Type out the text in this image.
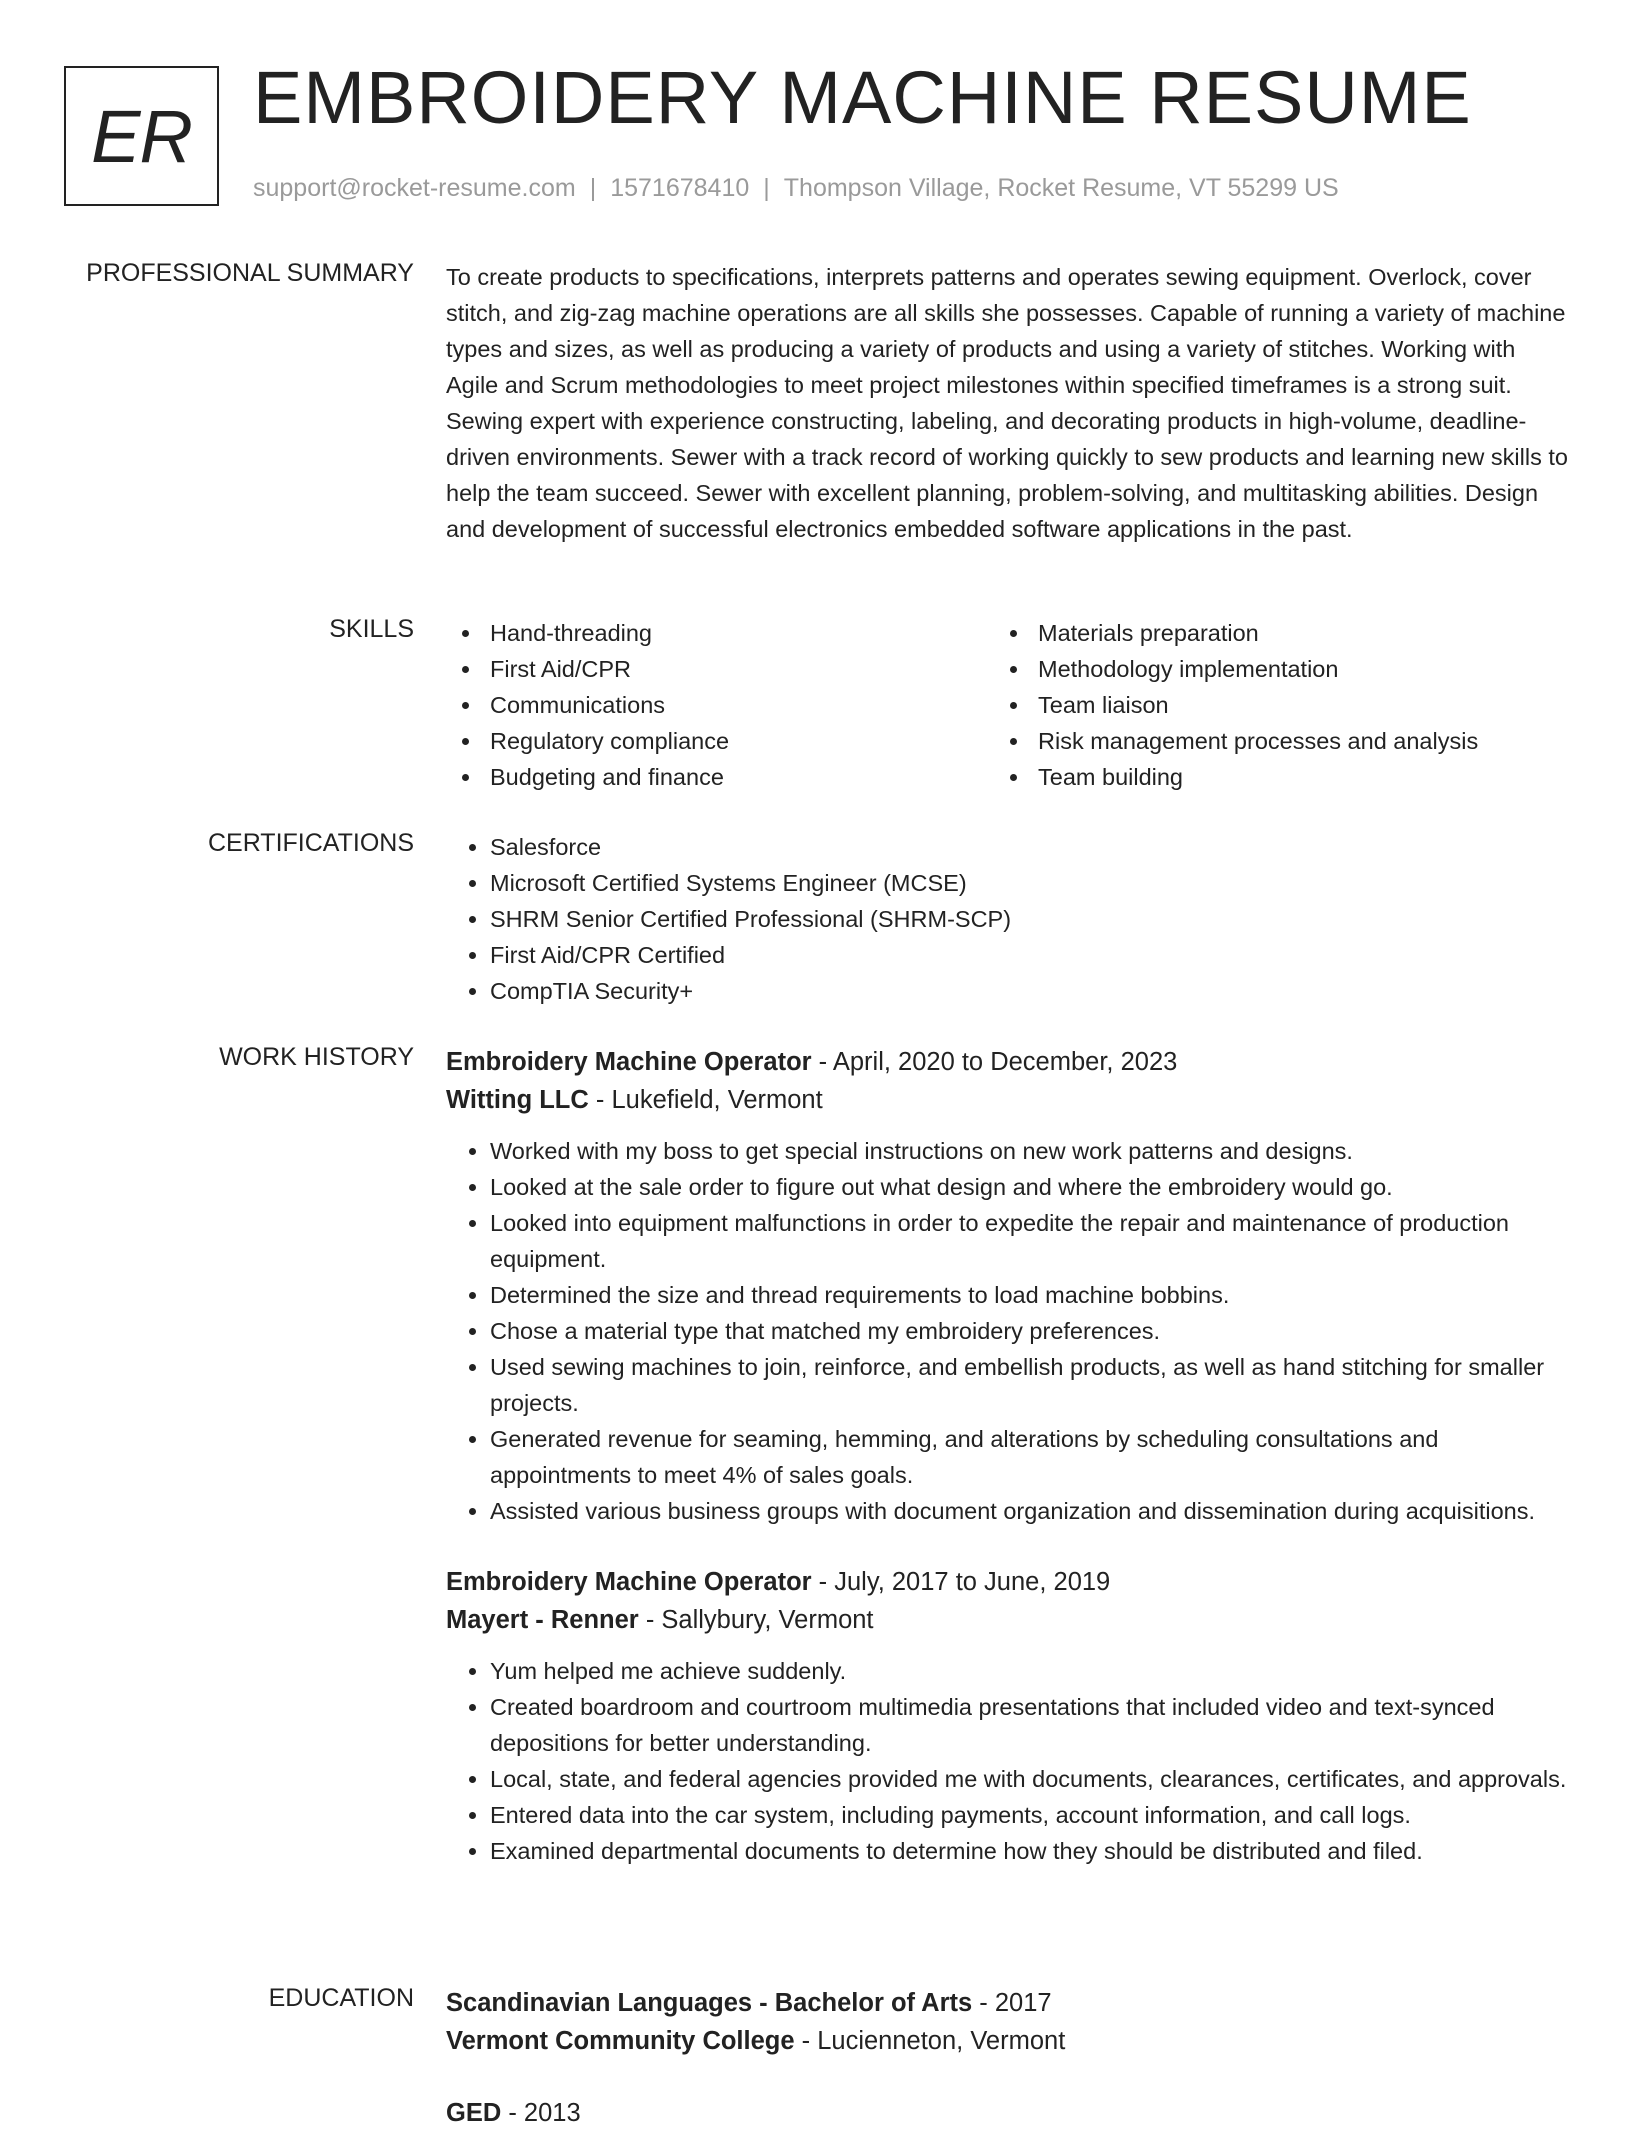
ER EMBROIDERY MACHINE RESUME
support@rocket-resume.com | 1571678410 | Thompson Village, Rocket Resume, VT 55299 US
PROFESSIONAL SUMMARY To create products to specifications, interprets patterns and operates sewing equipment. Overlock, cover stitch, and zig-zag machine operations are all skills she possesses. Capable of running a variety of machine types and sizes, as well as producing a variety of products and using a variety of stitches. Working with Agile and Scrum methodologies to meet project milestones within specified timeframes is a strong suit. Sewing expert with experience constructing, labeling, and decorating products in high-volume, deadline-driven environments. Sewer with a track record of working quickly to sew products and learning new skills to help the team succeed. Sewer with excellent planning, problem-solving, and multitasking abilities. Design and development of successful electronics embedded software applications in the past.
SKILLS	Hand-threading	Materials preparation
First Aid/CPR	Methodology implementation
Communications	Team liaison
Regulatory compliance	Risk management processes and analysis
Budgeting and finance	Team building
CERTIFICATIONS
•	Salesforce
• Microsoft Certified Systems Engineer (MCSE)
• SHRM Senior Certified Professional (SHRM-SCP)
• First Aid/CPR Certified
• CompTIA Security+
WORK HISTORY Embroidery Machine Operator - April, 2020 to December, 2023
Witting LLC - Lukefield, Vermont
• Worked with my boss to get special instructions on new work patterns and designs.
• Looked at the sale order to figure out what design and where the embroidery would go.
• Looked into equipment malfunctions in order to expedite the repair and maintenance of production equipment.
• Determined the size and thread requirements to load machine bobbins.
• Chose a material type that matched my embroidery preferences.
• Used sewing machines to join, reinforce, and embellish products, as well as hand stitching for smaller projects.
• Generated revenue for seaming, hemming, and alterations by scheduling consultations and appointments to meet 4% of sales goals.
• Assisted various business groups with document organization and dissemination during acquisitions.
Embroidery Machine Operator - July, 2017 to June, 2019
Mayert - Renner - Sallybury, Vermont
• Yum helped me achieve suddenly.
• Created boardroom and courtroom multimedia presentations that included video and text-synced depositions for better understanding.
• Local, state, and federal agencies provided me with documents, clearances, certificates, and approvals.
• Entered data into the car system, including payments, account information, and call logs.
• Examined departmental documents to determine how they should be distributed and filed.
EDUCATION Scandinavian Languages - Bachelor of Arts - 2017
Vermont Community College - Lucienneton, Vermont
GED - 2013
